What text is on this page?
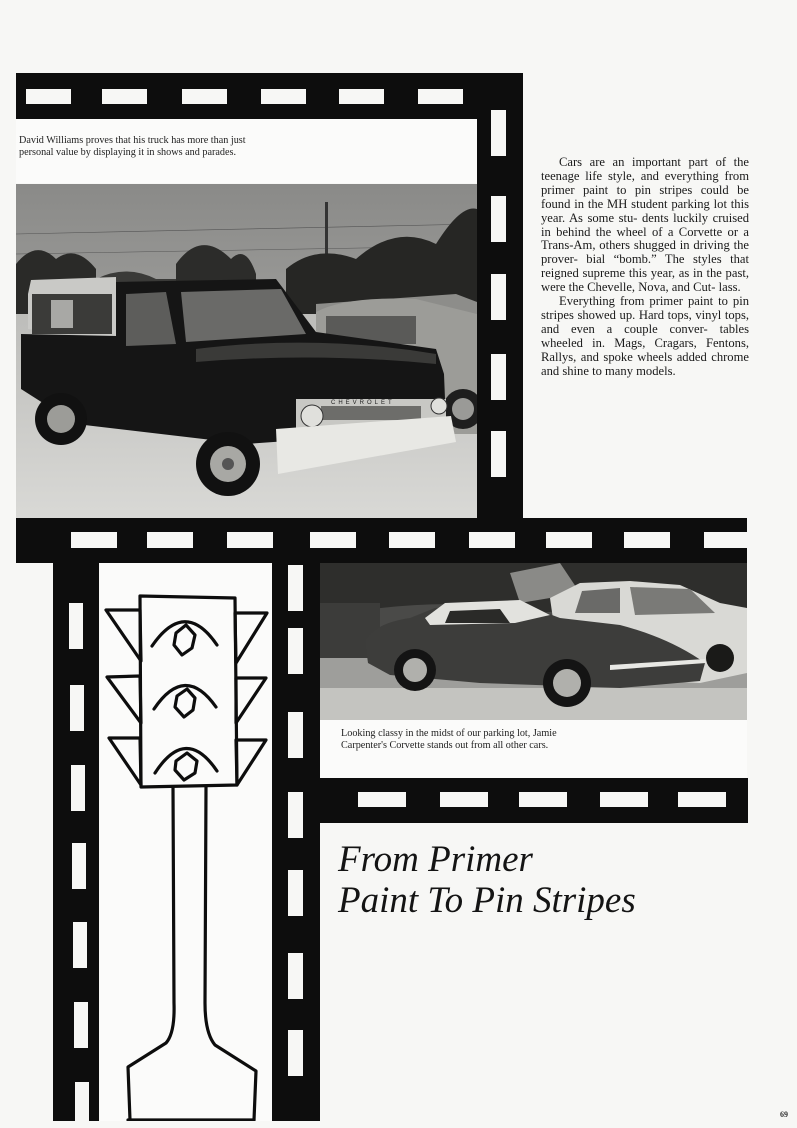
David Williams proves that his truck has more than just personal value by displaying it in shows and parades.
CHEVROLET

Cars are an important part of the teenage life style, and everything from primer paint to pin stripes could be found in the MH student parking lot this year. As some stu- dents luckily cruised in behind the wheel of a Corvette or a Trans-Am, others shugged in driving the prover- bial “bomb.” The styles that reigned supreme this year, as in the past, were the Chevelle, Nova, and Cut- lass.

Everything from primer paint to pin stripes showed up. Hard tops, vinyl tops, and even a couple conver- tables wheeled in. Mags, Cragars, Fentons, Rallys, and spoke wheels added chrome and shine to many models.

Looking classy in the midst of our parking lot, Jamie Carpenter's Corvette stands out from all other cars.
From Primer
Paint To Pin Stripes
69
